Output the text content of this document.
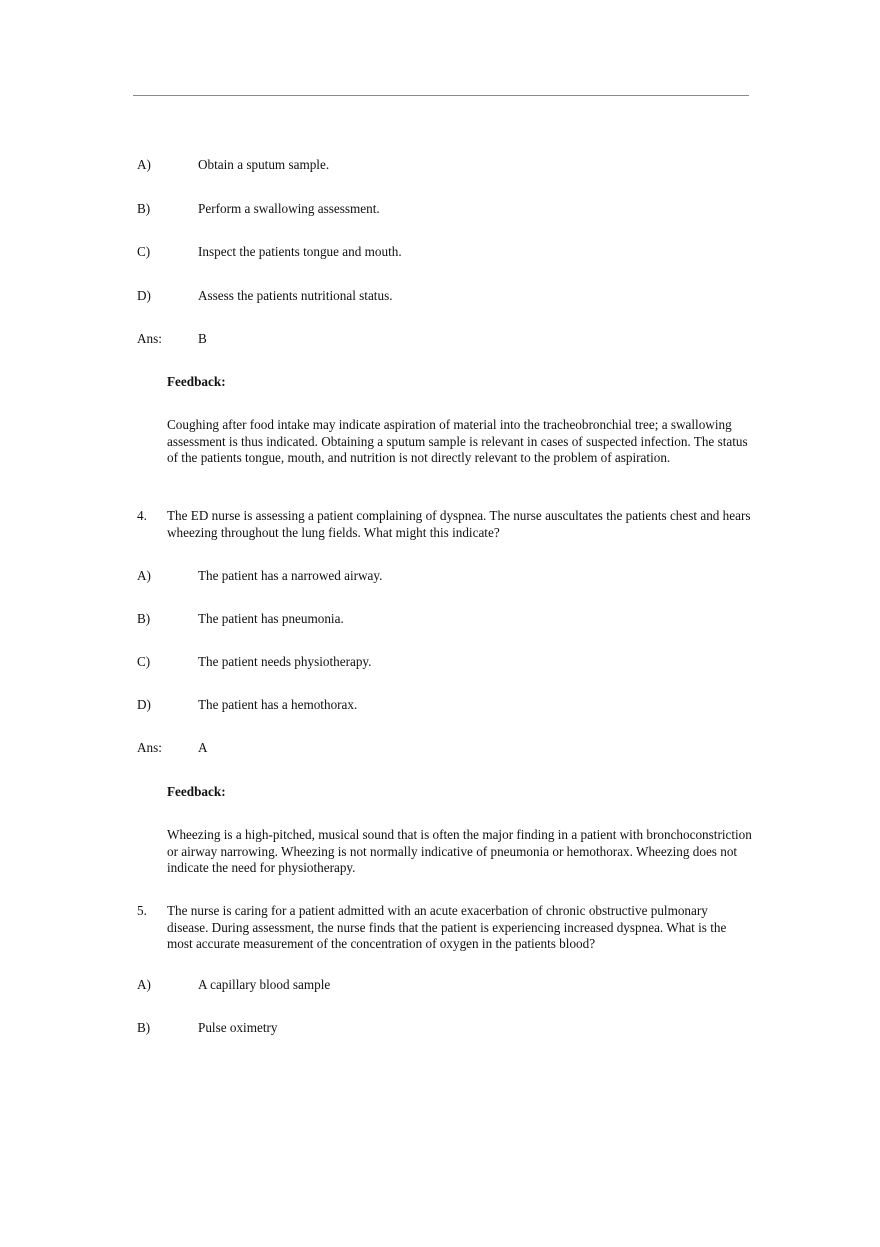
A)	Obtain a sputum sample.
B)	Perform a swallowing assessment.
C)	Inspect the patients tongue and mouth.
D)	Assess the patients nutritional status.
Ans:	B
Feedback:
Coughing after food intake may indicate aspiration of material into the tracheobronchial tree; a swallowing assessment is thus indicated. Obtaining a sputum sample is relevant in cases of suspected infection. The status of the patients tongue, mouth, and nutrition is not directly relevant to the problem of aspiration.
4. The ED nurse is assessing a patient complaining of dyspnea. The nurse auscultates the patients chest and hears wheezing throughout the lung fields. What might this indicate?
A)	The patient has a narrowed airway.
B)	The patient has pneumonia.
C)	The patient needs physiotherapy.
D)	The patient has a hemothorax.
Ans:	A
Feedback:
Wheezing is a high-pitched, musical sound that is often the major finding in a patient with bronchoconstriction or airway narrowing. Wheezing is not normally indicative of pneumonia or hemothorax. Wheezing does not indicate the need for physiotherapy.
5. The nurse is caring for a patient admitted with an acute exacerbation of chronic obstructive pulmonary disease. During assessment, the nurse finds that the patient is experiencing increased dyspnea. What is the most accurate measurement of the concentration of oxygen in the patients blood?
A)	A capillary blood sample
B)	Pulse oximetry
